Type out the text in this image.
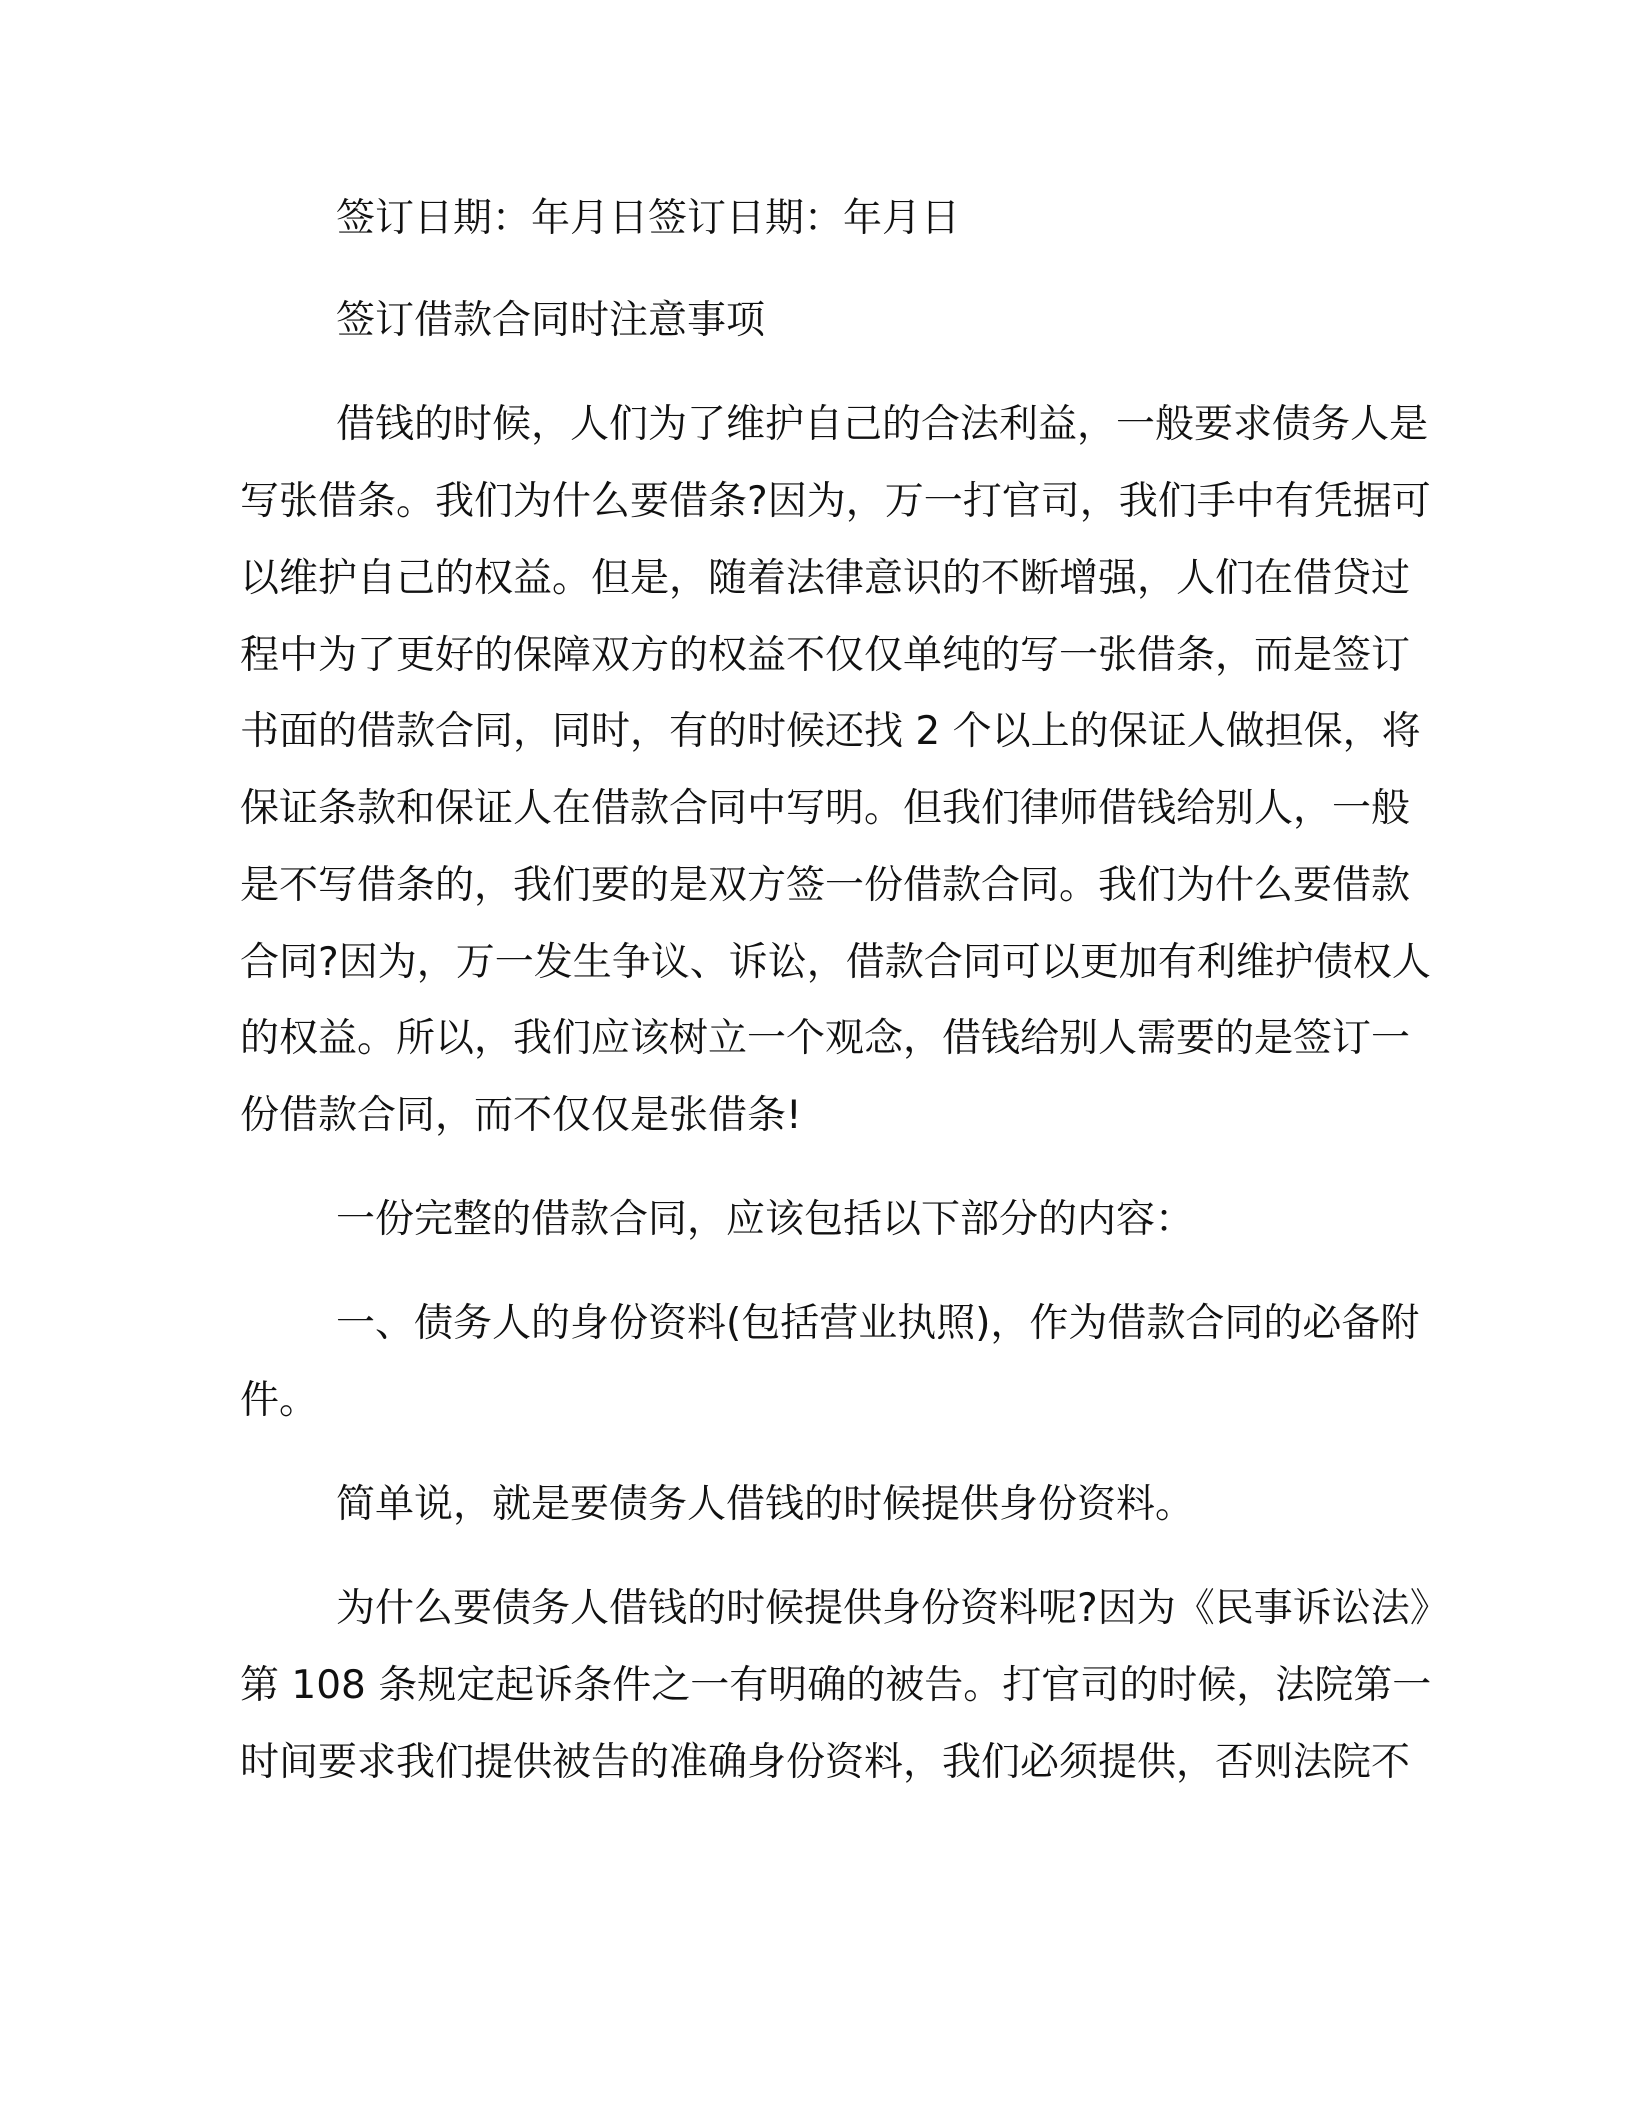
签订日期：年月日签订日期：年月日
签订借款合同时注意事项
借钱的时候，人们为了维护自己的合法利益，一般要求债务人是
写张借条。我们为什么要借条?因为，万一打官司，我们手中有凭据可
以维护自己的权益。但是，随着法律意识的不断增强，人们在借贷过
程中为了更好的保障双方的权益不仅仅单纯的写一张借条，而是签订
书面的借款合同，同时，有的时候还找 2 个以上的保证人做担保，将
保证条款和保证人在借款合同中写明。但我们律师借钱给别人，一般
是不写借条的，我们要的是双方签一份借款合同。我们为什么要借款
合同?因为，万一发生争议、诉讼，借款合同可以更加有利维护债权人
的权益。所以，我们应该树立一个观念，借钱给别人需要的是签订一
份借款合同，而不仅仅是张借条!
一份完整的借款合同，应该包括以下部分的内容：
一、债务人的身份资料(包括营业执照)，作为借款合同的必备附
件。
简单说，就是要债务人借钱的时候提供身份资料。
为什么要债务人借钱的时候提供身份资料呢?因为《民事诉讼法》
第 108 条规定起诉条件之一有明确的被告。打官司的时候，法院第一
时间要求我们提供被告的准确身份资料，我们必须提供，否则法院不
